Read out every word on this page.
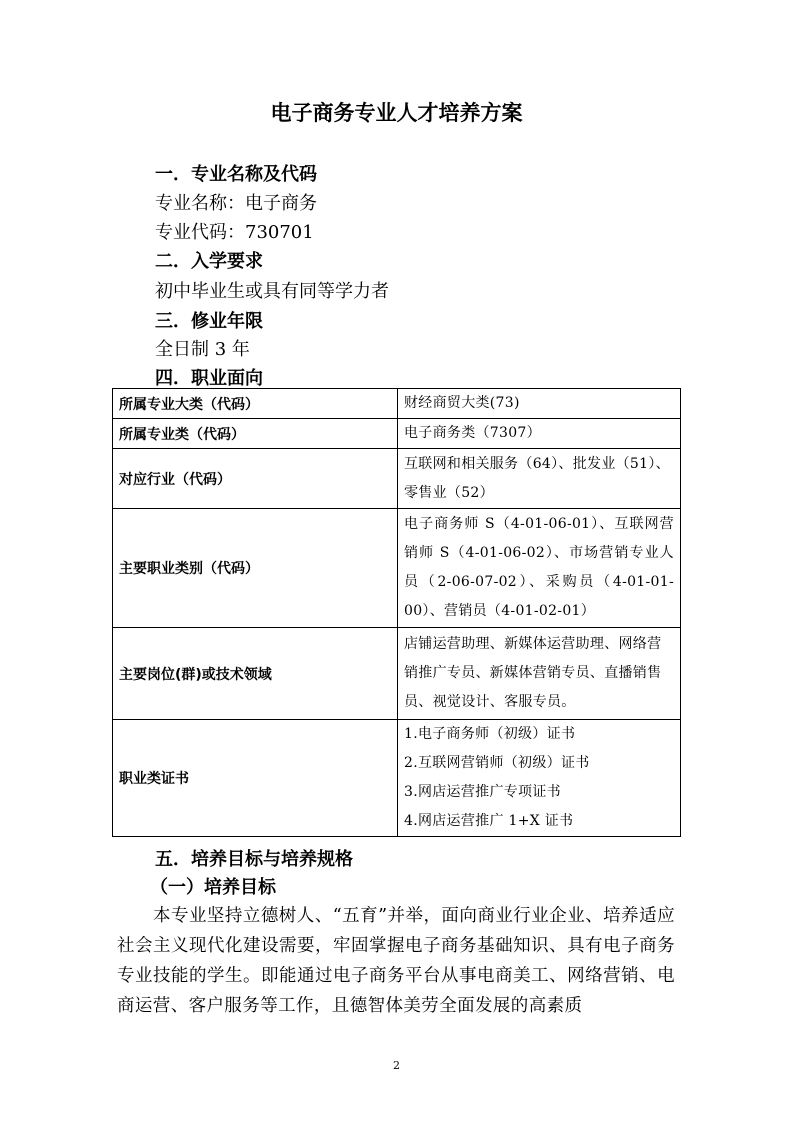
电子商务专业人才培养方案
一．专业名称及代码
专业名称：电子商务
专业代码：730701
二．入学要求
初中毕业生或具有同等学力者
三．修业年限
全日制 3 年
四．职业面向
所属专业大类（代码）	财经商贸大类(73)
所属专业类（代码）	电子商务类（7307）
对应行业（代码）	互联网和相关服务（64）、批发业（51）、零售业（52）
主要职业类别（代码）	电子商务师 S（4-01-06-01）、互联网营销师 S（4-01-06-02）、市场营销专业人员（2-06-07-02）、采购员（4-01-01-00）、营销员（4-01-02-01）
主要岗位(群)或技术领域	店铺运营助理、新媒体运营助理、网络营销推广专员、新媒体营销专员、直播销售员、视觉设计、客服专员。
职业类证书	1.电子商务师（初级）证书
2.互联网营销师（初级）证书
3.网店运营推广专项证书
4.网店运营推广 1+X 证书
五．培养目标与培养规格
（一）培养目标
本专业坚持立德树人、“五育”并举，面向商业行业企业、培养适应社会主义现代化建设需要，牢固掌握电子商务基础知识、具有电子商务专业技能的学生。即能通过电子商务平台从事电商美工、网络营销、电商运营、客户服务等工作，且德智体美劳全面发展的高素质
2
